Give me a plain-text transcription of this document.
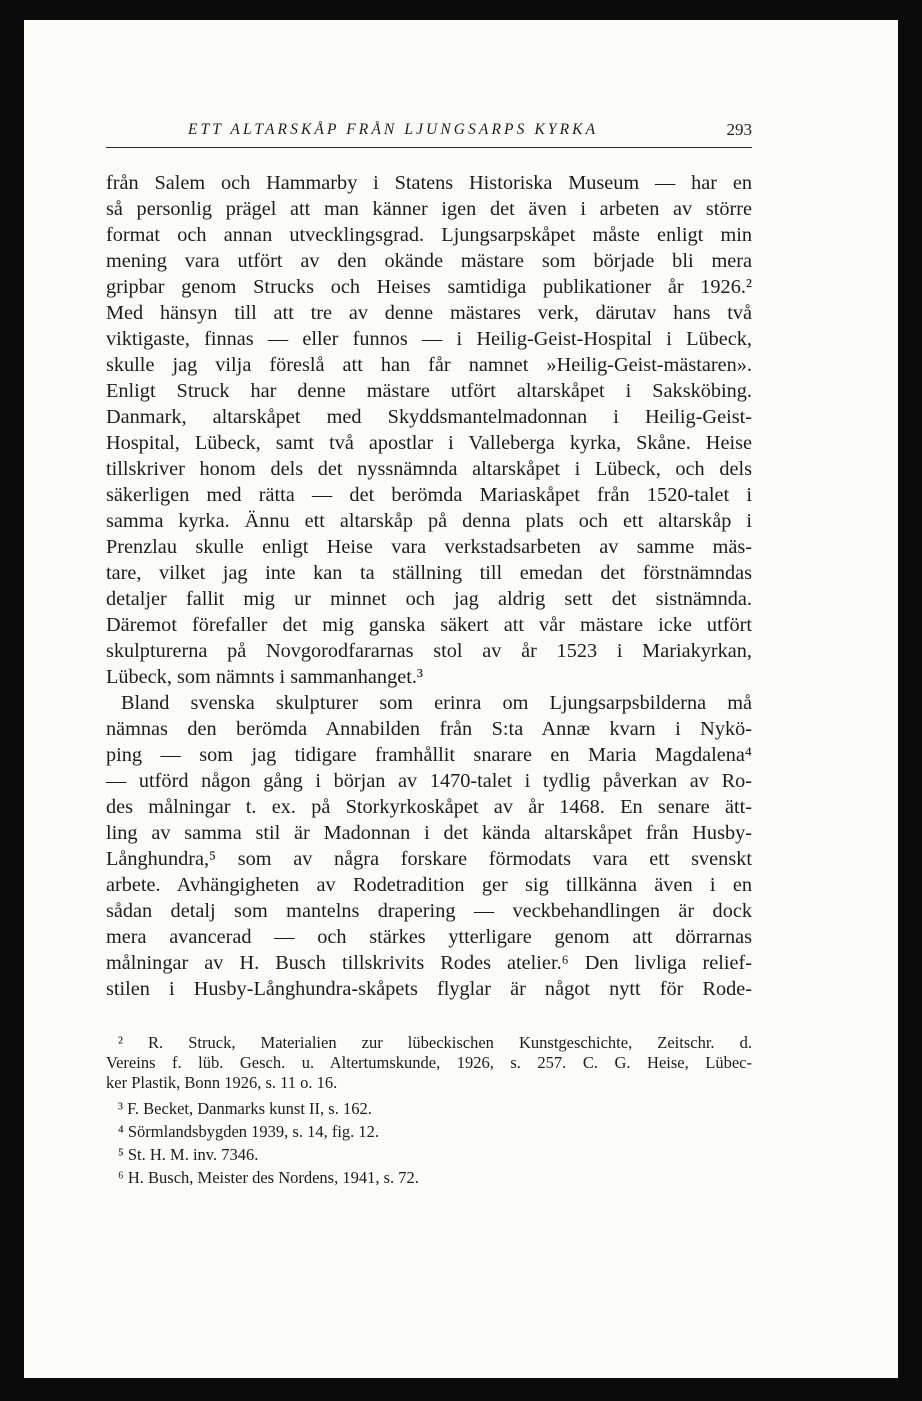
ETT ALTARSKÅP FRÅN LJUNGSARPS KYRKA	293
från Salem och Hammarby i Statens Historiska Museum — har en
så personlig prägel att man känner igen det även i arbeten av större
format och annan utvecklingsgrad. Ljungsarpskåpet måste enligt min
mening vara utfört av den okände mästare som började bli mera
gripbar genom Strucks och Heises samtidiga publikationer år 1926.²
Med hänsyn till att tre av denne mästares verk, därutav hans två
viktigaste, finnas — eller funnos — i Heilig-Geist-Hospital i Lübeck,
skulle jag vilja föreslå att han får namnet »Heilig-Geist-mästaren».
Enligt Struck har denne mästare utfört altarskåpet i Saksköbing.
Danmark, altarskåpet med Skyddsmantelmadonnan i Heilig-Geist-
Hospital, Lübeck, samt två apostlar i Valleberga kyrka, Skåne. Heise
tillskriver honom dels det nyssnämnda altarskåpet i Lübeck, och dels
säkerligen med rätta — det berömda Mariaskåpet från 1520-talet i
samma kyrka. Ännu ett altarskåp på denna plats och ett altarskåp i
Prenzlau skulle enligt Heise vara verkstadsarbeten av samme mäs-
tare, vilket jag inte kan ta ställning till emedan det förstnämndas
detaljer fallit mig ur minnet och jag aldrig sett det sistnämnda.
Däremot förefaller det mig ganska säkert att vår mästare icke utfört
skulpturerna på Novgorodfararnas stol av år 1523 i Mariakyrkan,
Lübeck, som nämnts i sammanhanget.³
Bland svenska skulpturer som erinra om Ljungsarpsbilderna må
nämnas den berömda Annabilden från S:ta Annæ kvarn i Nykö-
ping — som jag tidigare framhållit snarare en Maria Magdalena⁴
— utförd någon gång i början av 1470-talet i tydlig påverkan av Ro-
des målningar t. ex. på Storkyrkoskåpet av år 1468. En senare ätt-
ling av samma stil är Madonnan i det kända altarskåpet från Husby-
Långhundra,⁵ som av några forskare förmodats vara ett svenskt
arbete. Avhängigheten av Rodetradition ger sig tillkänna även i en
sådan detalj som mantelns drapering — veckbehandlingen är dock
mera avancerad — och stärkes ytterligare genom att dörrarnas
målningar av H. Busch tillskrivits Rodes atelier.⁶ Den livliga relief-
stilen i Husby-Långhundra-skåpets flyglar är något nytt för Rode-
² R. Struck, Materialien zur lübeckischen Kunstgeschichte, Zeitschr. d.
Vereins f. lüb. Gesch. u. Altertumskunde, 1926, s. 257. C. G. Heise, Lübec-
ker Plastik, Bonn 1926, s. 11 o. 16.
³ F. Becket, Danmarks kunst II, s. 162.
⁴ Sörmlandsbygden 1939, s. 14, fig. 12.
⁵ St. H. M. inv. 7346.
⁶ H. Busch, Meister des Nordens, 1941, s. 72.
